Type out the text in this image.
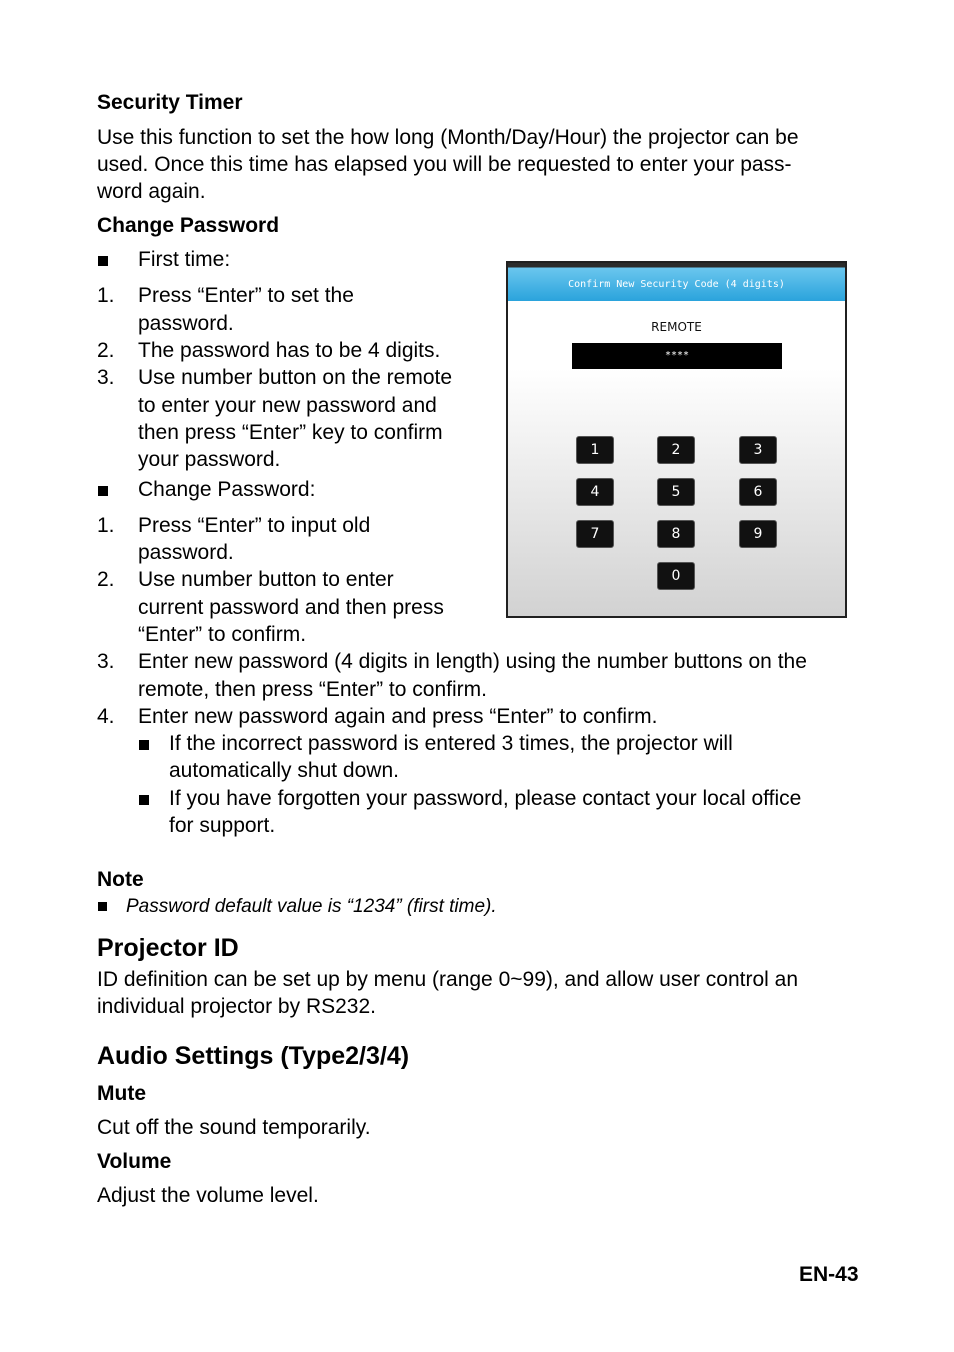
Security Timer
Use this function to set the how long (Month/Day/Hour) the projector can be
used. Once this time has elapsed you will be requested to enter your pass-
word again.
Change Password
First time:
1. Press “Enter” to set the
password.
2. The password has to be 4 digits.
3. Use number button on the remote
to enter your new password and
then press “Enter” key to confirm
your password.
Change Password:
1. Press “Enter” to input old
password.
2. Use number button to enter
current password and then press
“Enter” to confirm.
3. Enter new password (4 digits in length) using the number buttons on the
remote, then press “Enter” to confirm.
4. Enter new password again and press “Enter” to confirm.
If the incorrect password is entered 3 times, the projector will
automatically shut down.
If you have forgotten your password, please contact your local office
for support.
Confirm New Security Code (4 digits)
REMOTE
****
1	2	3
4	5	6
7	8	9
0
Note
Password default value is “1234” (first time).
Projector ID
ID definition can be set up by menu (range 0~99), and allow user control an
individual projector by RS232.
Audio Settings (Type2/3/4)
Mute
Cut off the sound temporarily.
Volume
Adjust the volume level.
EN-43
